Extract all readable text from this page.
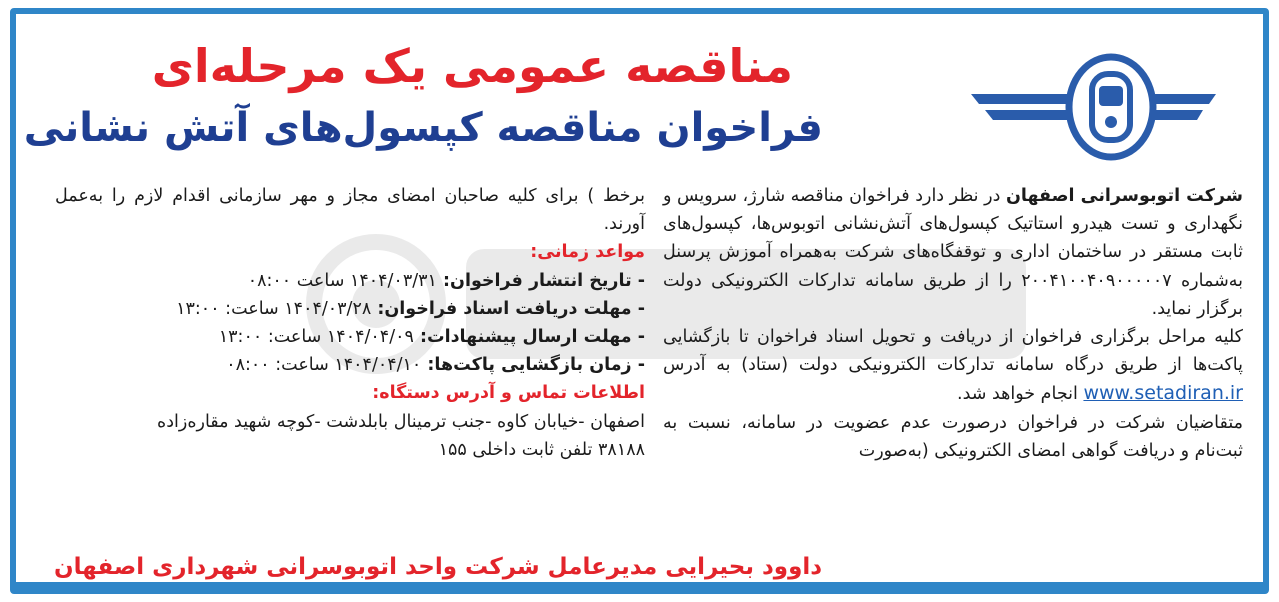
مناقصه عمومی یک مرحله‌ای
فراخوان مناقصه کپسول‌های آتش نشانی

شرکت اتوبوسرانی اصفهان در نظر دارد فراخوان مناقصه شارژ، سرویس و نگهداری و تست هیدرو استاتیک کپسول‌های آتش‌نشانی اتوبوس‌ها، کپسول‌های ثابت مستقر در ساختمان اداری و توقفگاه‌های شرکت به‌همراه آموزش پرسنل به‌شماره ۲۰۰۴۱۰۰۴۰۹۰۰۰۰۰۷ را از طریق سامانه تدارکات الکترونیکی دولت برگزار نماید.

کلیه مراحل برگزاری فراخوان از دریافت و تحویل اسناد فراخوان تا بازگشایی پاکت‌ها از طریق درگاه سامانه تدارکات الکترونیکی دولت (ستاد) به آدرس www.setadiran.ir انجام خواهد شد.

متقاضیان شرکت در فراخوان درصورت عدم عضویت در سامانه، نسبت به ثبت‌نام و دریافت گواهی امضای الکترونیکی (به‌صورت

برخط ) برای کلیه صاحبان امضای مجاز و مهر سازمانی اقدام لازم را به‌عمل آورند.

مواعد زمانی:

- تاریخ انتشار فراخوان: ۱۴۰۴/۰۳/۳۱ ساعت ۰۸:۰۰

- مهلت دریافت اسناد فراخوان: ۱۴۰۴/۰۳/۲۸ ساعت: ۱۳:۰۰

- مهلت ارسال پیشنهادات: ۱۴۰۴/۰۴/۰۹ ساعت: ۱۳:۰۰

- زمان بازگشایی پاکت‌ها: ۱۴۰۴/۰۴/۱۰ ساعت: ۰۸:۰۰

اطلاعات تماس و آدرس دستگاه:

اصفهان -خیابان کاوه -جنب ترمینال بابلدشت -کوچه شهید مقاره‌زاده

۳۸۱۸۸ تلفن ثابت داخلی ۱۵۵

داوود بحیرایی مدیرعامل شرکت واحد اتوبوسرانی شهرداری اصفهان
